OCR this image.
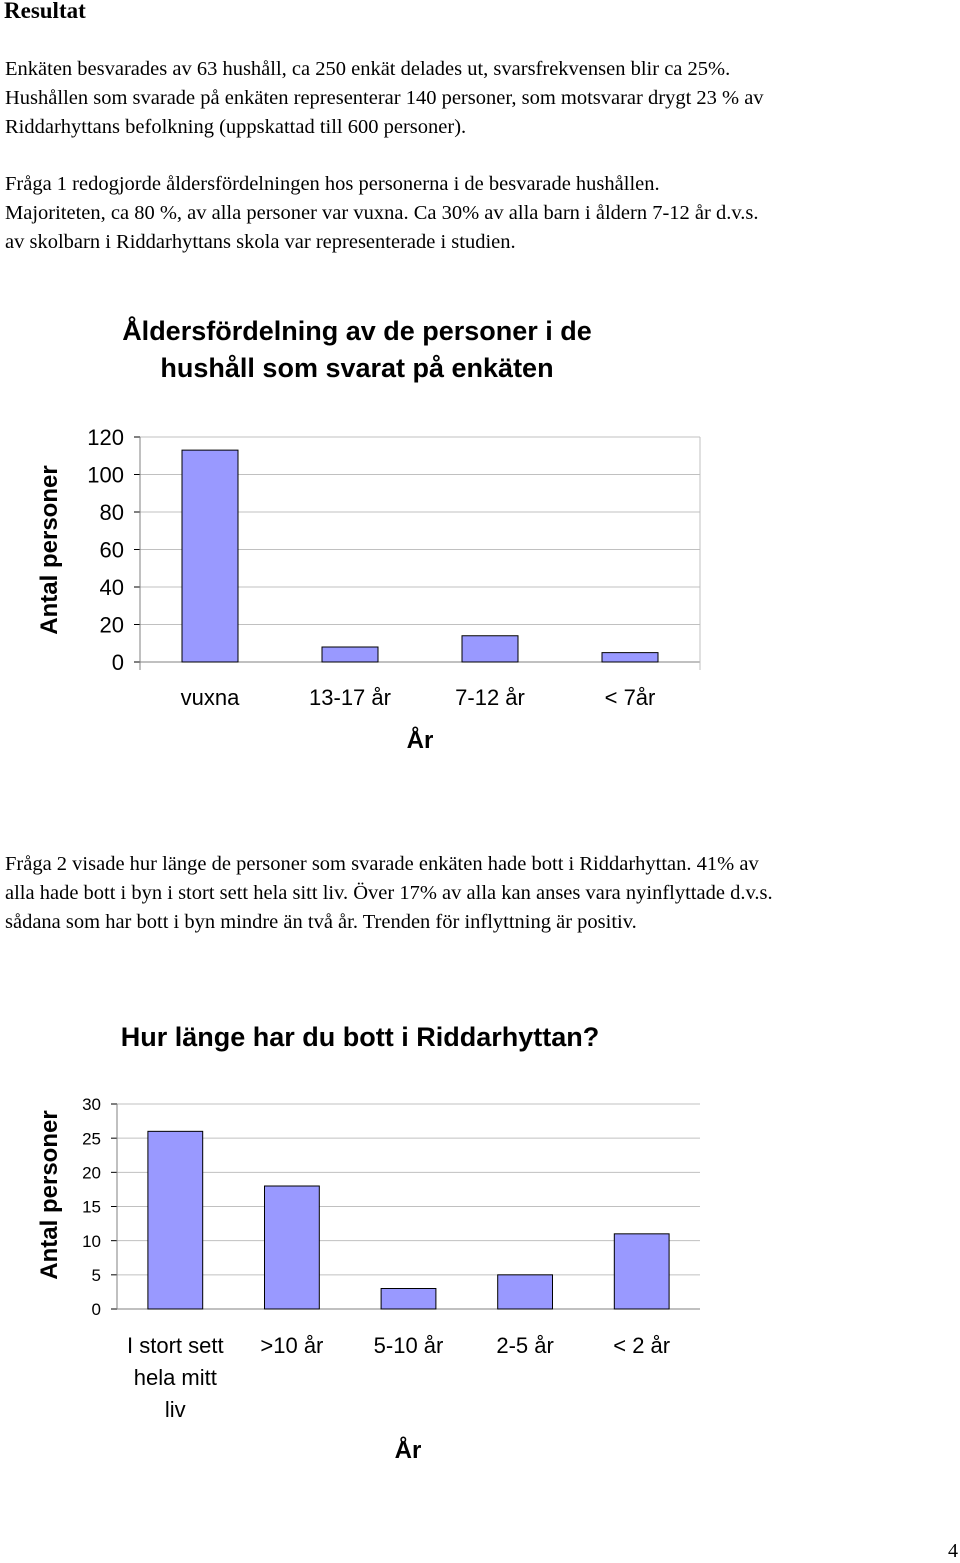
Resultat
Enkäten besvarades av 63 hushåll, ca 250 enkät delades ut, svarsfrekvensen blir ca 25%.
Hushållen som svarade på enkäten representerar 140 personer, som motsvarar drygt 23 % av
Riddarhyttans befolkning (uppskattad till 600 personer).
Fråga 1 redogjorde åldersfördelningen hos personerna i de besvarade hushållen.
Majoriteten, ca 80 %, av alla personer var vuxna. Ca 30% av alla barn i åldern 7-12 år d.v.s.
av skolbarn i Riddarhyttans skola var representerade i studien.
Åldersfördelning av de personer i de
hushåll som svarat på enkäten
0
20
40
60
80
100
120
vuxna	13-17 år	7-12 år	< 7år
Antal personer
År
Fråga 2 visade hur länge de personer som svarade enkäten hade bott i Riddarhyttan. 41% av
alla hade bott i byn i stort sett hela sitt liv. Över 17% av alla kan anses vara nyinflyttade d.v.s.
sådana som har bott i byn mindre än två år. Trenden för inflyttning är positiv.
Hur länge har du bott i Riddarhyttan?
0
5
10
15
20
25
30
I stort sett
hela mitt
liv
>10 år 5-10 år 2-5 år	< 2 år
Antal personer
År
4
